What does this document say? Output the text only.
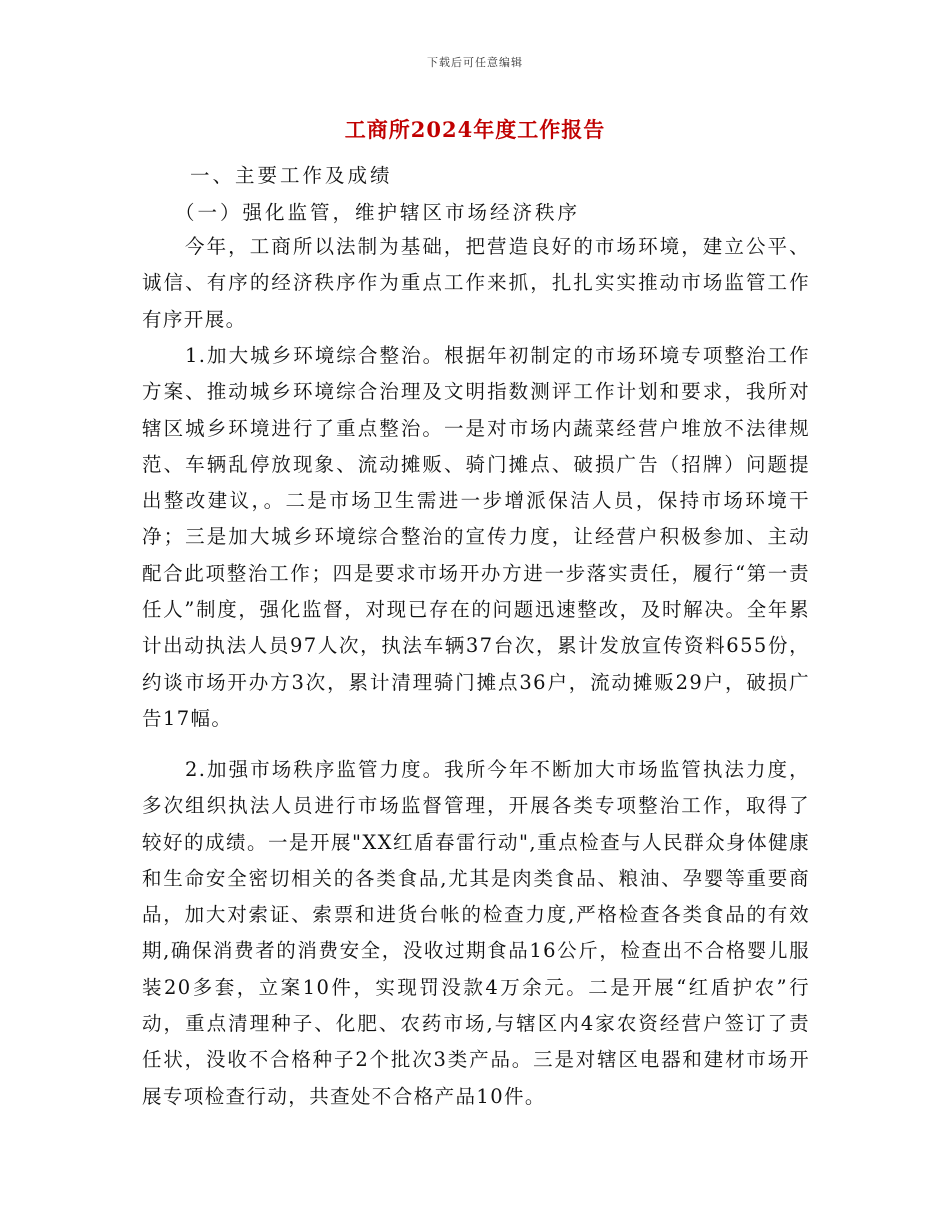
下载后可任意编辑
工商所2024年度工作报告
一、主要工作及成绩
（一）强化监管，维护辖区市场经济秩序
今年，工商所以法制为基础，把营造良好的市场环境，建立公平、诚信、有序的经济秩序作为重点工作来抓，扎扎实实推动市场监管工作有序开展。
1.加大城乡环境综合整治。根据年初制定的市场环境专项整治工作方案、推动城乡环境综合治理及文明指数测评工作计划和要求，我所对辖区城乡环境进行了重点整治。一是对市场内蔬菜经营户堆放不法律规范、车辆乱停放现象、流动摊贩、骑门摊点、破损广告（招牌）问题提出整改建议，。二是市场卫生需进一步增派保洁人员，保持市场环境干净；三是加大城乡环境综合整治的宣传力度，让经营户积极参加、主动配合此项整治工作；四是要求市场开办方进一步落实责任，履行“第一责任人”制度，强化监督，对现已存在的问题迅速整改，及时解决。全年累计出动执法人员97人次，执法车辆37台次，累计发放宣传资料655份，约谈市场开办方3次，累计清理骑门摊点36户，流动摊贩29户，破损广告17幅。
2.加强市场秩序监管力度。我所今年不断加大市场监管执法力度，多次组织执法人员进行市场监督管理，开展各类专项整治工作，取得了较好的成绩。一是开展"XX红盾春雷行动",重点检查与人民群众身体健康和生命安全密切相关的各类食品,尤其是肉类食品、粮油、孕婴等重要商品，加大对索证、索票和进货台帐的检查力度,严格检查各类食品的有效期,确保消费者的消费安全，没收过期食品16公斤，检查出不合格婴儿服装20多套，立案10件，实现罚没款4万余元。二是开展“红盾护农”行动，重点清理种子、化肥、农药市场,与辖区内4家农资经营户签订了责任状，没收不合格种子2个批次3类产品。三是对辖区电器和建材市场开展专项检查行动，共查处不合格产品10件。
